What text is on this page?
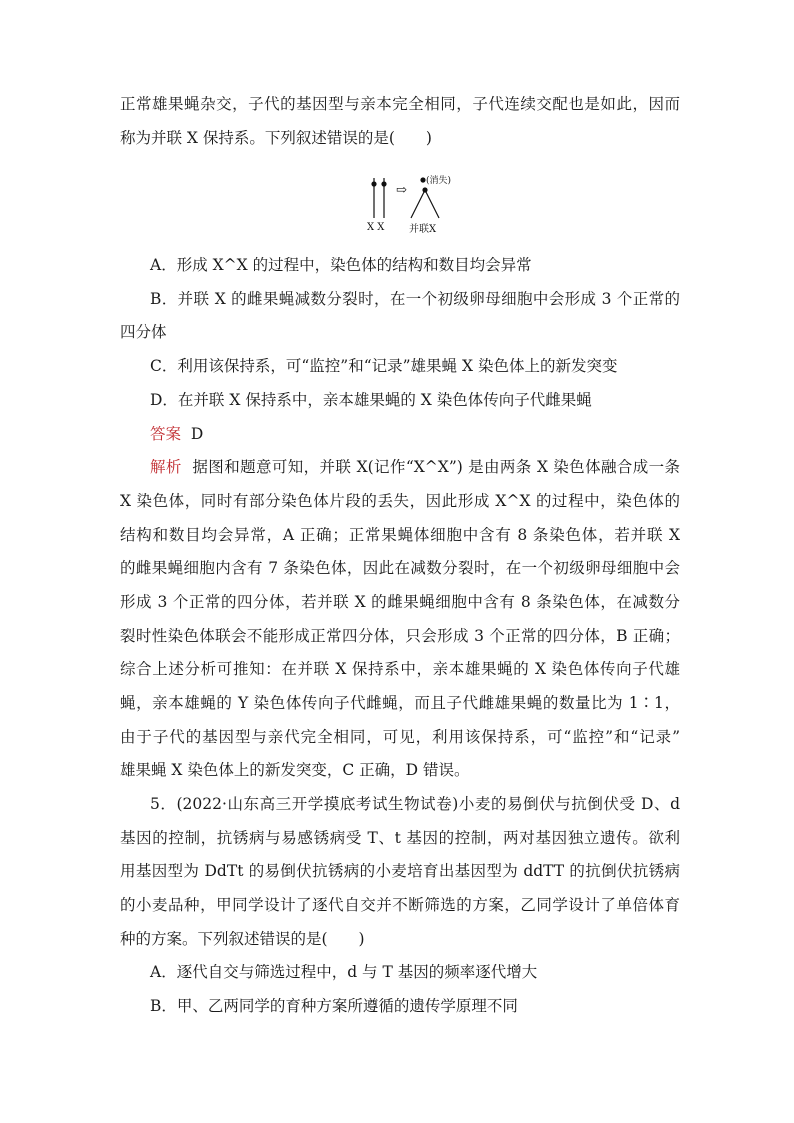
正常雄果蝇杂交，子代的基因型与亲本完全相同，子代连续交配也是如此，因而
称为并联 X 保持系。下列叙述错误的是(　　)
X X
⇨
(消失)
并联X
A．形成 X^X 的过程中，染色体的结构和数目均会异常
B．并联 X 的雌果蝇减数分裂时，在一个初级卵母细胞中会形成 3 个正常的
四分体
C．利用该保持系，可“监控”和“记录”雄果蝇 X 染色体上的新发突变
D．在并联 X 保持系中，亲本雄果蝇的 X 染色体传向子代雌果蝇
答案 D
解析 据图和题意可知，并联 X(记作“X^X”) 是由两条 X 染色体融合成一条
X 染色体，同时有部分染色体片段的丢失，因此形成 X^X 的过程中，染色体的
结构和数目均会异常，A 正确；正常果蝇体细胞中含有 8 条染色体，若并联 X
的雌果蝇细胞内含有 7 条染色体，因此在减数分裂时，在一个初级卵母细胞中会
形成 3 个正常的四分体，若并联 X 的雌果蝇细胞中含有 8 条染色体，在减数分
裂时性染色体联会不能形成正常四分体，只会形成 3 个正常的四分体，B 正确；
综合上述分析可推知：在并联 X 保持系中，亲本雄果蝇的 X 染色体传向子代雄
蝇，亲本雄蝇的 Y 染色体传向子代雌蝇，而且子代雌雄果蝇的数量比为 1∶1，
由于子代的基因型与亲代完全相同，可见，利用该保持系，可“监控”和“记录”
雄果蝇 X 染色体上的新发突变，C 正确，D 错误。
5．(2022·山东高三开学摸底考试生物试卷)小麦的易倒伏与抗倒伏受 D、d
基因的控制，抗锈病与易感锈病受 T、t 基因的控制，两对基因独立遗传。欲利
用基因型为 DdTt 的易倒伏抗锈病的小麦培育出基因型为 ddTT 的抗倒伏抗锈病
的小麦品种，甲同学设计了逐代自交并不断筛选的方案，乙同学设计了单倍体育
种的方案。下列叙述错误的是(　　)
A．逐代自交与筛选过程中，d 与 T 基因的频率逐代增大
B．甲、乙两同学的育种方案所遵循的遗传学原理不同
